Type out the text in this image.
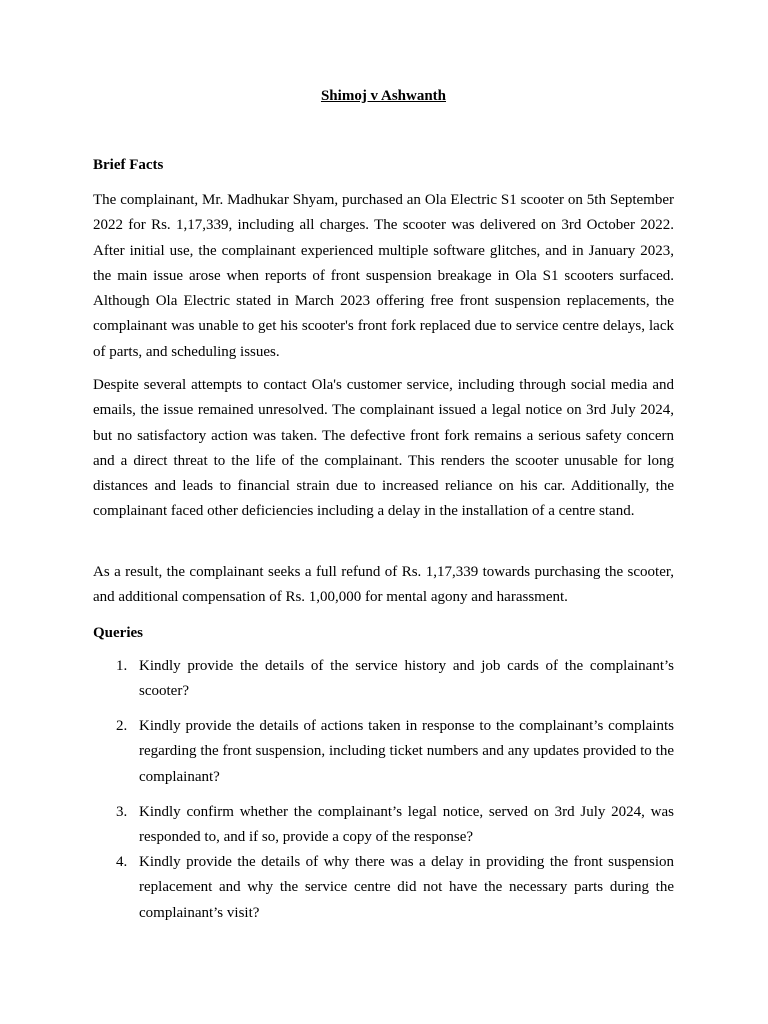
Shimoj v Ashwanth
Brief Facts

The complainant, Mr. Madhukar Shyam, purchased an Ola Electric S1 scooter on 5th September 2022 for Rs. 1,17,339, including all charges. The scooter was delivered on 3rd October 2022. After initial use, the complainant experienced multiple software glitches, and in January 2023, the main issue arose when reports of front suspension breakage in Ola S1 scooters surfaced. Although Ola Electric stated in March 2023 offering free front suspension replacements, the complainant was unable to get his scooter's front fork replaced due to service centre delays, lack of parts, and scheduling issues.

Despite several attempts to contact Ola's customer service, including through social media and emails, the issue remained unresolved. The complainant issued a legal notice on 3rd July 2024, but no satisfactory action was taken. The defective front fork remains a serious safety concern and a direct threat to the life of the complainant. This renders the scooter unusable for long distances and leads to financial strain due to increased reliance on his car. Additionally, the complainant faced other deficiencies including a delay in the installation of a centre stand.

As a result, the complainant seeks a full refund of Rs. 1,17,339 towards purchasing the scooter, and additional compensation of Rs. 1,00,000 for mental agony and harassment.

Queries
1. Kindly provide the details of the service history and job cards of the complainant’s scooter?

2. Kindly provide the details of actions taken in response to the complainant’s complaints regarding the front suspension, including ticket numbers and any updates provided to the complainant?

3. Kindly confirm whether the complainant’s legal notice, served on 3rd July 2024, was responded to, and if so, provide a copy of the response?

4. Kindly provide the details of why there was a delay in providing the front suspension replacement and why the service centre did not have the necessary parts during the complainant’s visit?
